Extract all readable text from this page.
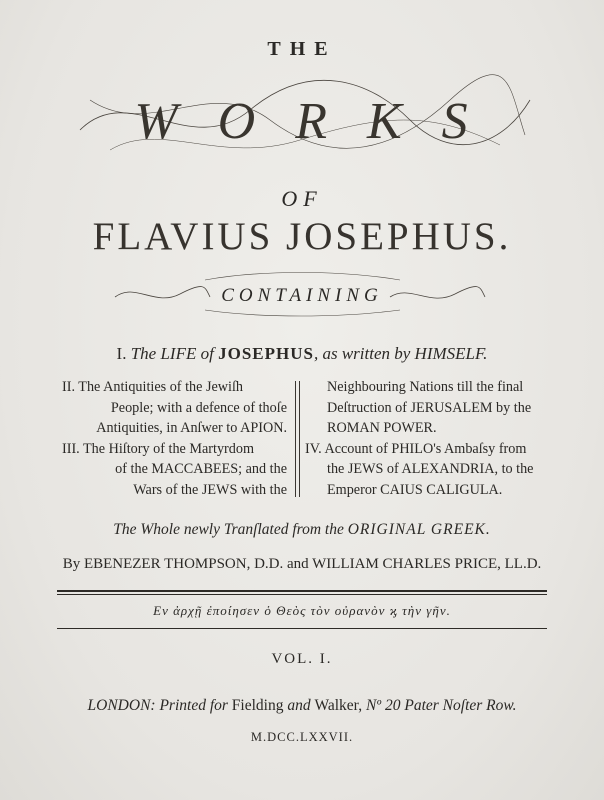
THE
W O R K S
OF
FLAVIUS JOSEPHUS.
CONTAINING
I. The LIFE of JOSEPHUS, as written by HIMSELF.
II. The Antiquities of the Jewiſh
People; with a defence of thoſe
Antiquities, in Anſwer to APION.
III. The Hiſtory of the Martyrdom
of the MACCABEES; and the
Wars of the JEWS with the
Neighbouring Nations till the final
Deſtruction of JERUSALEM by the
ROMAN POWER.
IV. Account of PHILO's Ambaſsy from
the JEWS of ALEXANDRIA, to the
Emperor CAIUS CALIGULA.
The Whole newly Tranſlated from the ORIGINAL GREEK.
By EBENEZER THOMPSON, D.D. and WILLIAM CHARLES PRICE, LL.D.
Εν ἀρχῇ ἐποίησεν ὁ Θεὸς τὸν οὐρανὸν ϗ τὴν γῆν.
VOL. I.
LONDON: Printed for Fielding and Walker, Nº 20 Pater Noſter Row.
M.DCC.LXXVII.
